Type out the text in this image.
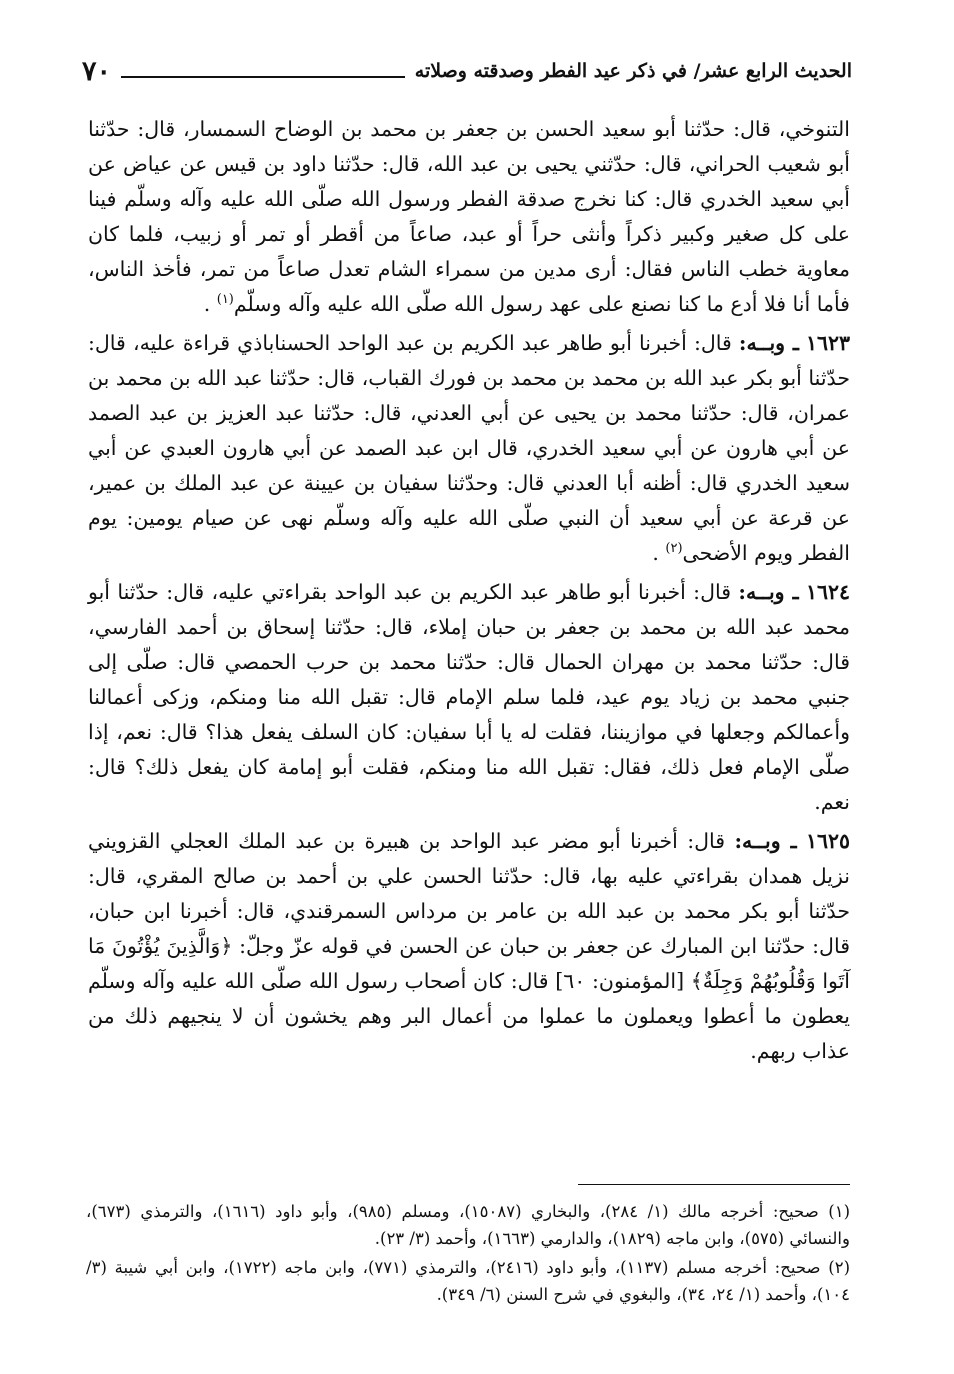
الحديث الرابع عشر/ في ذكر عيد الفطر وصدقته وصلاته
٧٠

التنوخي، قال: حدّثنا أبو سعيد الحسن بن جعفر بن محمد بن الوضاح السمسار، قال: حدّثنا أبو شعيب الحراني، قال: حدّثني يحيى بن عبد الله، قال: حدّثنا داود بن قيس عن عياض عن أبي سعيد الخدري قال: كنا نخرج صدقة الفطر ورسول الله صلّى الله عليه وآله وسلّم فينا على كل صغير وكبير ذكراً وأنثى حراً أو عبد، صاعاً من أقطر أو تمر أو زبيب، فلما كان معاوية خطب الناس فقال: أرى مدين من سمراء الشام تعدل صاعاً من تمر، فأخذ الناس، فأما أنا فلا أدع ما كنا نصنع على عهد رسول الله صلّى الله عليه وآله وسلّم$^{(١)}$ .

١٦٢٣ ـ وبــه: قال: أخبرنا أبو طاهر عبد الكريم بن عبد الواحد الحسناباذي قراءة عليه، قال: حدّثنا أبو بكر عبد الله بن محمد بن محمد بن فورك القباب، قال: حدّثنا عبد الله بن محمد بن عمران، قال: حدّثنا محمد بن يحيى عن أبي العدني، قال: حدّثنا عبد العزيز بن عبد الصمد عن أبي هارون عن أبي سعيد الخدري، قال ابن عبد الصمد عن أبي هارون العبدي عن أبي سعيد الخدري قال: أظنه أبا العدني قال: وحدّثنا سفيان بن عيينة عن عبد الملك بن عمير، عن قرعة عن أبي سعيد أن النبي صلّى الله عليه وآله وسلّم نهى عن صيام يومين: يوم الفطر ويوم الأضحى$^{(٢)}$ .

١٦٢٤ ـ وبــه: قال: أخبرنا أبو طاهر عبد الكريم بن عبد الواحد بقراءتي عليه، قال: حدّثنا أبو محمد عبد الله بن محمد بن جعفر بن حبان إملاء، قال: حدّثنا إسحاق بن أحمد الفارسي، قال: حدّثنا محمد بن مهران الحمال قال: حدّثنا محمد بن حرب الحمصي قال: صلّى إلى جنبي محمد بن زياد يوم عيد، فلما سلم الإمام قال: تقبل الله منا ومنكم، وزكى أعمالنا وأعمالكم وجعلها في موازيننا، فقلت له يا أبا سفيان: كان السلف يفعل هذا؟ قال: نعم، إذا صلّى الإمام فعل ذلك، فقال: تقبل الله منا ومنكم، فقلت أبو إمامة كان يفعل ذلك؟ قال: نعم.

١٦٢٥ ـ وبــه: قال: أخبرنا أبو مضر عبد الواحد بن هبيرة بن عبد الملك العجلي القزويني نزيل همدان بقراءتي عليه بها، قال: حدّثنا الحسن علي بن أحمد بن صالح المقري، قال: حدّثنا أبو بكر محمد بن عبد الله بن عامر بن مرداس السمرقندي، قال: أخبرنا ابن حبان، قال: حدّثنا ابن المبارك عن جعفر بن حبان عن الحسن في قوله عزّ وجلّ: ﴿وَالَّذِينَ يُؤْتُونَ مَا آتَوا وَقُلُوبُهُمْ وَجِلَةٌ﴾ [المؤمنون: ٦٠] قال: كان أصحاب رسول الله صلّى الله عليه وآله وسلّم يعطون ما أعطوا ويعملون ما عملوا من أعمال البر وهم يخشون أن لا ينجيهم ذلك من عذاب ربهم.

(١) صحيح: أخرجه مالك (١/ ٢٨٤)، والبخاري (١٥٠٨٧)، ومسلم (٩٨٥)، وأبو داود (١٦١٦)، والترمذي (٦٧٣)، والنسائي (٥٧٥)، وابن ماجه (١٨٢٩)، والدارمي (١٦٦٣)، وأحمد (٣/ ٢٣).

(٢) صحيح: أخرجه مسلم (١١٣٧)، وأبو داود (٢٤١٦)، والترمذي (٧٧١)، وابن ماجه (١٧٢٢)، وابن أبي شيبة (٣/ ١٠٤)، وأحمد (١/ ٢٤، ٣٤)، والبغوي في شرح السنن (٦/ ٣٤٩).
